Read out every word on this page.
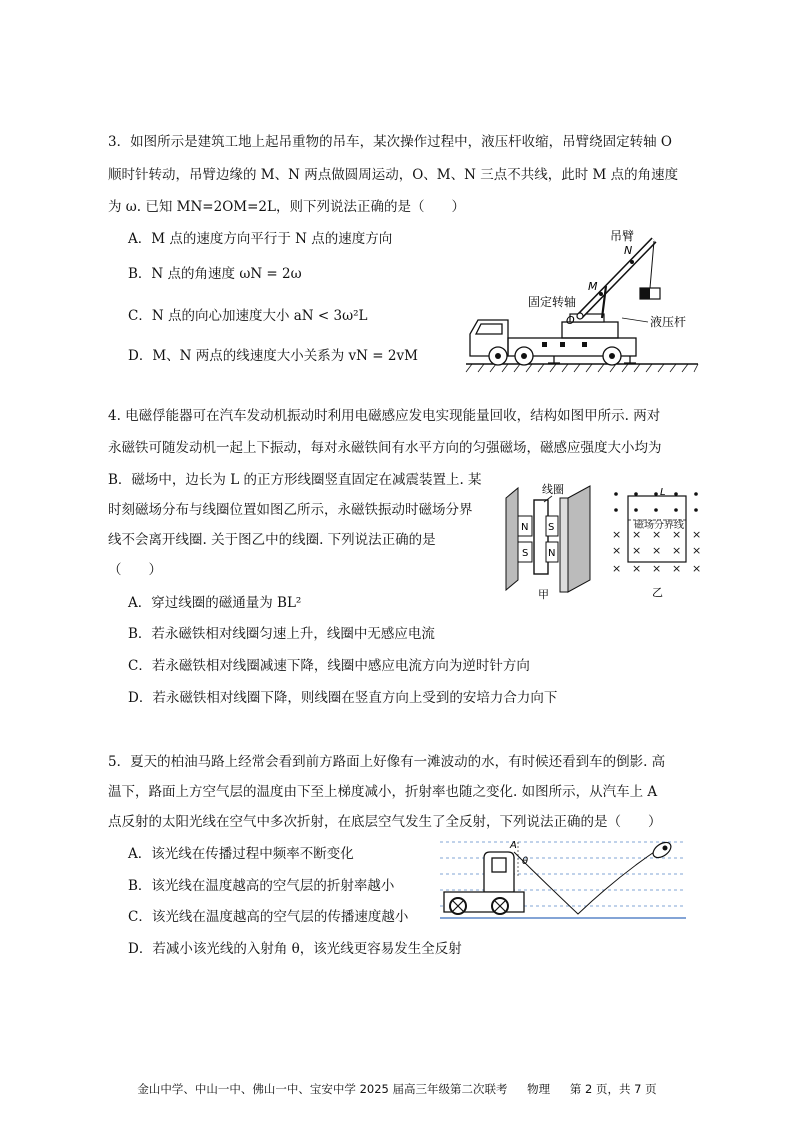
3．如图所示是建筑工地上起吊重物的吊车，某次操作过程中，液压杆收缩，吊臂绕固定转轴 O
顺时针转动，吊臂边缘的 M、N 两点做圆周运动，O、M、N 三点不共线，此时 M 点的角速度
为 ω. 已知 MN=2OM=2L，则下列说法正确的是（　　）
A．M 点的速度方向平行于 N 点的速度方向
B．N 点的角速度 ωN = 2ω
C．N 点的向心加速度大小 aN < 3ω²L
D．M、N 两点的线速度大小关系为 vN = 2vM
吊臂
N
M
固定转轴
O	液压杆
4. 电磁俘能器可在汽车发动机振动时利用电磁感应发电实现能量回收，结构如图甲所示. 两对
永磁铁可随发动机一起上下振动，每对永磁铁间有水平方向的匀强磁场，磁感应强度大小均为
B．磁场中，边长为 L 的正方形线圈竖直固定在减震装置上. 某
时刻磁场分布与线圈位置如图乙所示，永磁铁振动时磁场分界
线不会离开线圈. 关于图乙中的线圈. 下列说法正确的是
（　　）
A．穿过线圈的磁通量为 BL²
B．若永磁铁相对线圈匀速上升，线圈中无感应电流
C．若永磁铁相对线圈减速下降，线圈中感应电流方向为逆时针方向
D．若永磁铁相对线圈下降，则线圈在竖直方向上受到的安培力合力向下
N
S
S
N
线圈
甲
× × × × ×
× × × × ×
× × × × ×
L
磁场分界线
乙
5．夏天的柏油马路上经常会看到前方路面上好像有一滩波动的水，有时候还看到车的倒影. 高
温下，路面上方空气层的温度由下至上梯度减小，折射率也随之变化. 如图所示，从汽车上 A
点反射的太阳光线在空气中多次折射，在底层空气发生了全反射，下列说法正确的是（　　）
A．该光线在传播过程中频率不断变化
B．该光线在温度越高的空气层的折射率越小
C．该光线在温度越高的空气层的传播速度越小
D．若减小该光线的入射角 θ，该光线更容易发生全反射
A
θ
金山中学、中山一中、佛山一中、宝安中学 2025 届高三年级第二次联考 物理 第 2 页，共 7 页
